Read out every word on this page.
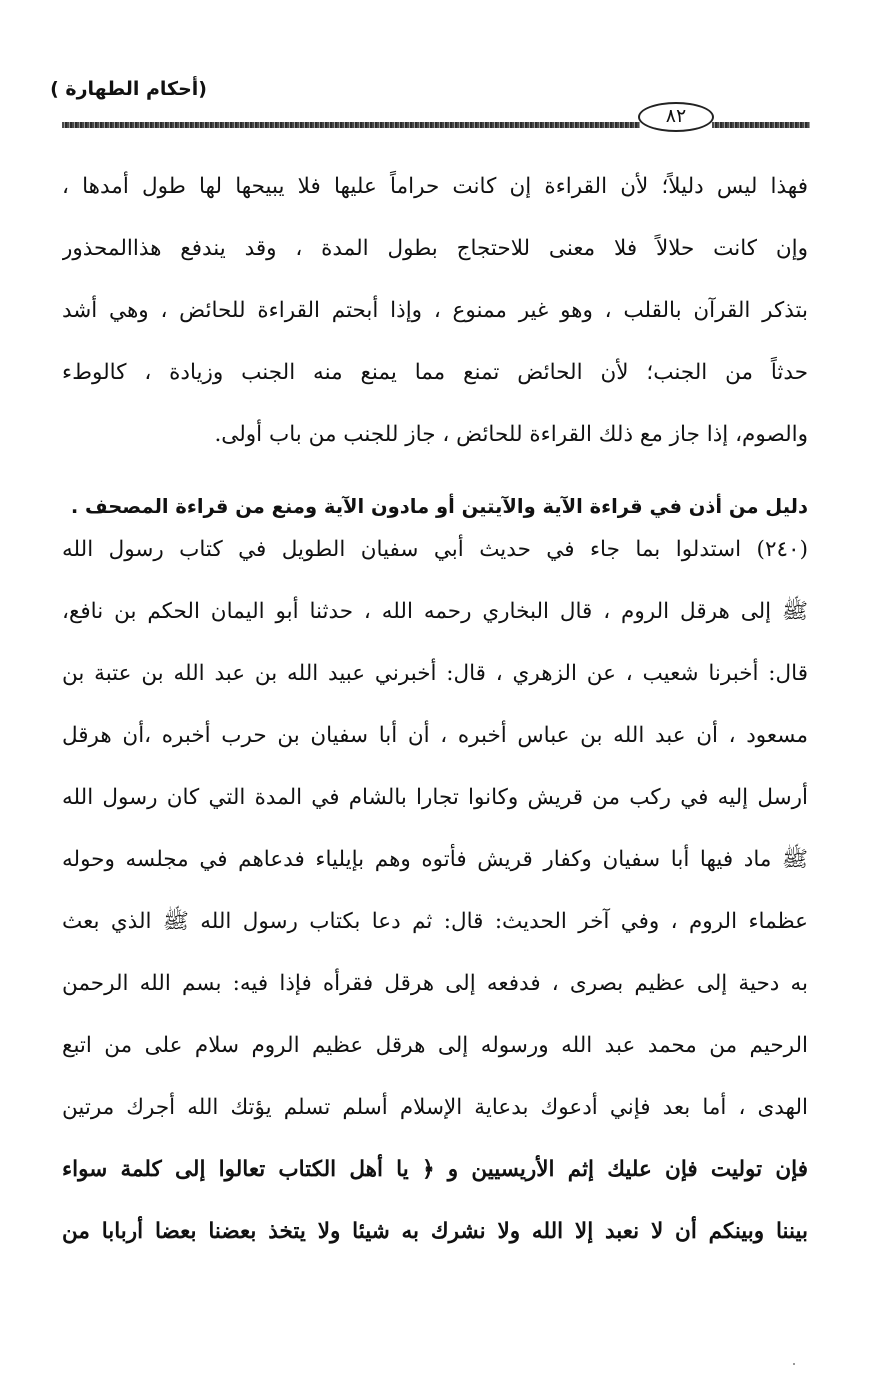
(أحكام الطهارة )
٨٢
فهذا ليس دليلاً؛ لأن القراءة إن كانت حراماً عليها فلا يبيحها لها طول أمدها ،
وإن كانت حلالاً فلا معنى للاحتجاج بطول المدة ، وقد يندفع هذاالمحذور
بتذكر القرآن بالقلب ، وهو غير ممنوع ، وإذا أبحتم القراءة للحائض ، وهي أشد
حدثاً من الجنب؛ لأن الحائض تمنع مما يمنع منه الجنب وزيادة ، كالوطء
والصوم، إذا جاز مع ذلك القراءة للحائض ، جاز للجنب من باب أولى.
دليل من أذن في قراءة الآية والآيتين أو مادون الآية ومنع من قراءة المصحف .
(٢٤٠) استدلوا بما جاء في حديث أبي سفيان الطويل في كتاب رسول الله
ﷺ إلى هرقل الروم ، قال البخاري رحمه الله ، حدثنا أبو اليمان الحكم بن نافع،
قال: أخبرنا شعيب ، عن الزهري ، قال: أخبرني عبيد الله بن عبد الله بن عتبة بن
مسعود ، أن عبد الله بن عباس أخبره ، أن أبا سفيان بن حرب أخبره ،أن هرقل
أرسل إليه في ركب من قريش وكانوا تجارا بالشام في المدة التي كان رسول الله
ﷺ ماد فيها أبا سفيان وكفار قريش فأتوه وهم بإيلياء فدعاهم في مجلسه وحوله
عظماء الروم ، وفي آخر الحديث: قال: ثم دعا بكتاب رسول الله ﷺ الذي بعث
به دحية إلى عظيم بصرى ، فدفعه إلى هرقل فقرأه فإذا فيه: بسم الله الرحمن
الرحيم من محمد عبد الله ورسوله إلى هرقل عظيم الروم سلام على من اتبع
الهدى ، أما بعد فإني أدعوك بدعاية الإسلام أسلم تسلم يؤتك الله أجرك مرتين
فإن توليت فإن عليك إثم الأريسيين و ﴿ يا أهل الكتاب تعالوا إلى كلمة سواء
بيننا وبينكم أن لا نعبد إلا الله ولا نشرك به شيئا ولا يتخذ بعضنا بعضا أربابا من
